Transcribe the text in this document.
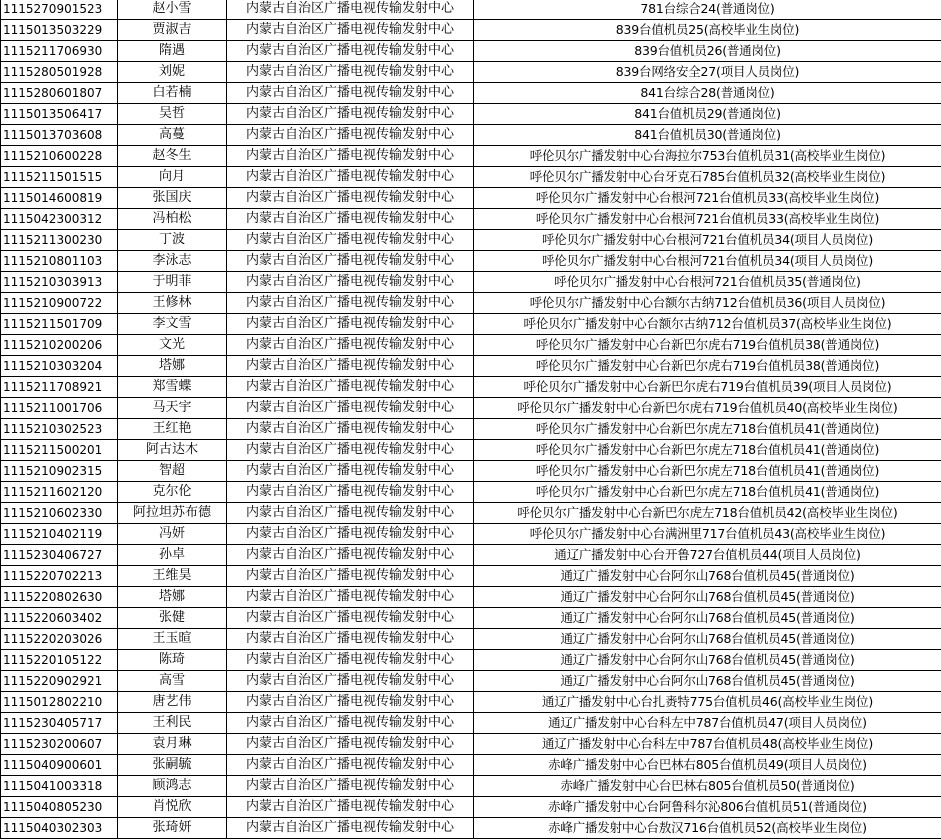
1115270901523	赵小雪	内蒙古自治区广播电视传输发射中心	781台综合24(普通岗位)
1115013503229	贾淑吉	内蒙古自治区广播电视传输发射中心	839台值机员25(高校毕业生岗位)
1115211706930	隋遇	内蒙古自治区广播电视传输发射中心	839台值机员26(普通岗位)
1115280501928	刘妮	内蒙古自治区广播电视传输发射中心	839台网络安全27(项目人员岗位)
1115280601807	白若楠	内蒙古自治区广播电视传输发射中心	841台综合28(普通岗位)
1115013506417	吴哲	内蒙古自治区广播电视传输发射中心	841台值机员29(普通岗位)
1115013703608	高蔓	内蒙古自治区广播电视传输发射中心	841台值机员30(普通岗位)
1115210600228	赵冬生	内蒙古自治区广播电视传输发射中心	呼伦贝尔广播发射中心台海拉尔753台值机员31(高校毕业生岗位)
1115211501515	向月	内蒙古自治区广播电视传输发射中心	呼伦贝尔广播发射中心台牙克石785台值机员32(高校毕业生岗位)
1115014600819	张国庆	内蒙古自治区广播电视传输发射中心	呼伦贝尔广播发射中心台根河721台值机员33(高校毕业生岗位)
1115042300312	冯柏松	内蒙古自治区广播电视传输发射中心	呼伦贝尔广播发射中心台根河721台值机员33(高校毕业生岗位)
1115211300230	丁波	内蒙古自治区广播电视传输发射中心	呼伦贝尔广播发射中心台根河721台值机员34(项目人员岗位)
1115210801103	李泳志	内蒙古自治区广播电视传输发射中心	呼伦贝尔广播发射中心台根河721台值机员34(项目人员岗位)
1115210303913	于明菲	内蒙古自治区广播电视传输发射中心	呼伦贝尔广播发射中心台根河721台值机员35(普通岗位)
1115210900722	王修林	内蒙古自治区广播电视传输发射中心	呼伦贝尔广播发射中心台额尔古纳712台值机员36(项目人员岗位)
1115211501709	李文雪	内蒙古自治区广播电视传输发射中心	呼伦贝尔广播发射中心台额尔古纳712台值机员37(高校毕业生岗位)
1115210200206	文光	内蒙古自治区广播电视传输发射中心	呼伦贝尔广播发射中心台新巴尔虎右719台值机员38(普通岗位)
1115210303204	塔娜	内蒙古自治区广播电视传输发射中心	呼伦贝尔广播发射中心台新巴尔虎右719台值机员38(普通岗位)
1115211708921	郑雪蝶	内蒙古自治区广播电视传输发射中心	呼伦贝尔广播发射中心台新巴尔虎右719台值机员39(项目人员岗位)
1115211001706	马天宇	内蒙古自治区广播电视传输发射中心	呼伦贝尔广播发射中心台新巴尔虎右719台值机员40(高校毕业生岗位)
1115210302523	王红艳	内蒙古自治区广播电视传输发射中心	呼伦贝尔广播发射中心台新巴尔虎左718台值机员41(普通岗位)
1115211500201	阿古达木	内蒙古自治区广播电视传输发射中心	呼伦贝尔广播发射中心台新巴尔虎左718台值机员41(普通岗位)
1115210902315	智超	内蒙古自治区广播电视传输发射中心	呼伦贝尔广播发射中心台新巴尔虎左718台值机员41(普通岗位)
1115211602120	克尔伦	内蒙古自治区广播电视传输发射中心	呼伦贝尔广播发射中心台新巴尔虎左718台值机员41(普通岗位)
1115210602330	阿拉坦苏布德	内蒙古自治区广播电视传输发射中心	呼伦贝尔广播发射中心台新巴尔虎左718台值机员42(高校毕业生岗位)
1115210402119	冯妍	内蒙古自治区广播电视传输发射中心	呼伦贝尔广播发射中心台满洲里717台值机员43(高校毕业生岗位)
1115230406727	孙卓	内蒙古自治区广播电视传输发射中心	通辽广播发射中心台开鲁727台值机员44(项目人员岗位)
1115220702213	王维昊	内蒙古自治区广播电视传输发射中心	通辽广播发射中心台阿尔山768台值机员45(普通岗位)
1115220802630	塔娜	内蒙古自治区广播电视传输发射中心	通辽广播发射中心台阿尔山768台值机员45(普通岗位)
1115220603402	张健	内蒙古自治区广播电视传输发射中心	通辽广播发射中心台阿尔山768台值机员45(普通岗位)
1115220203026	王玉暄	内蒙古自治区广播电视传输发射中心	通辽广播发射中心台阿尔山768台值机员45(普通岗位)
1115220105122	陈琦	内蒙古自治区广播电视传输发射中心	通辽广播发射中心台阿尔山768台值机员45(普通岗位)
1115220902921	高雪	内蒙古自治区广播电视传输发射中心	通辽广播发射中心台阿尔山768台值机员45(普通岗位)
1115012802210	唐艺伟	内蒙古自治区广播电视传输发射中心	通辽广播发射中心台扎赉特775台值机员46(高校毕业生岗位)
1115230405717	王利民	内蒙古自治区广播电视传输发射中心	通辽广播发射中心台科左中787台值机员47(项目人员岗位)
1115230200607	袁月琳	内蒙古自治区广播电视传输发射中心	通辽广播发射中心台科左中787台值机员48(高校毕业生岗位)
1115040900601	张嗣毓	内蒙古自治区广播电视传输发射中心	赤峰广播发射中心台巴林右805台值机员49(项目人员岗位)
1115041003318	顾鸿志	内蒙古自治区广播电视传输发射中心	赤峰广播发射中心台巴林右805台值机员50(普通岗位)
1115040805230	肖悦欣	内蒙古自治区广播电视传输发射中心	赤峰广播发射中心台阿鲁科尔沁806台值机员51(普通岗位)
1115040302303	张琦妍	内蒙古自治区广播电视传输发射中心	赤峰广播发射中心台敖汉716台值机员52(高校毕业生岗位)
